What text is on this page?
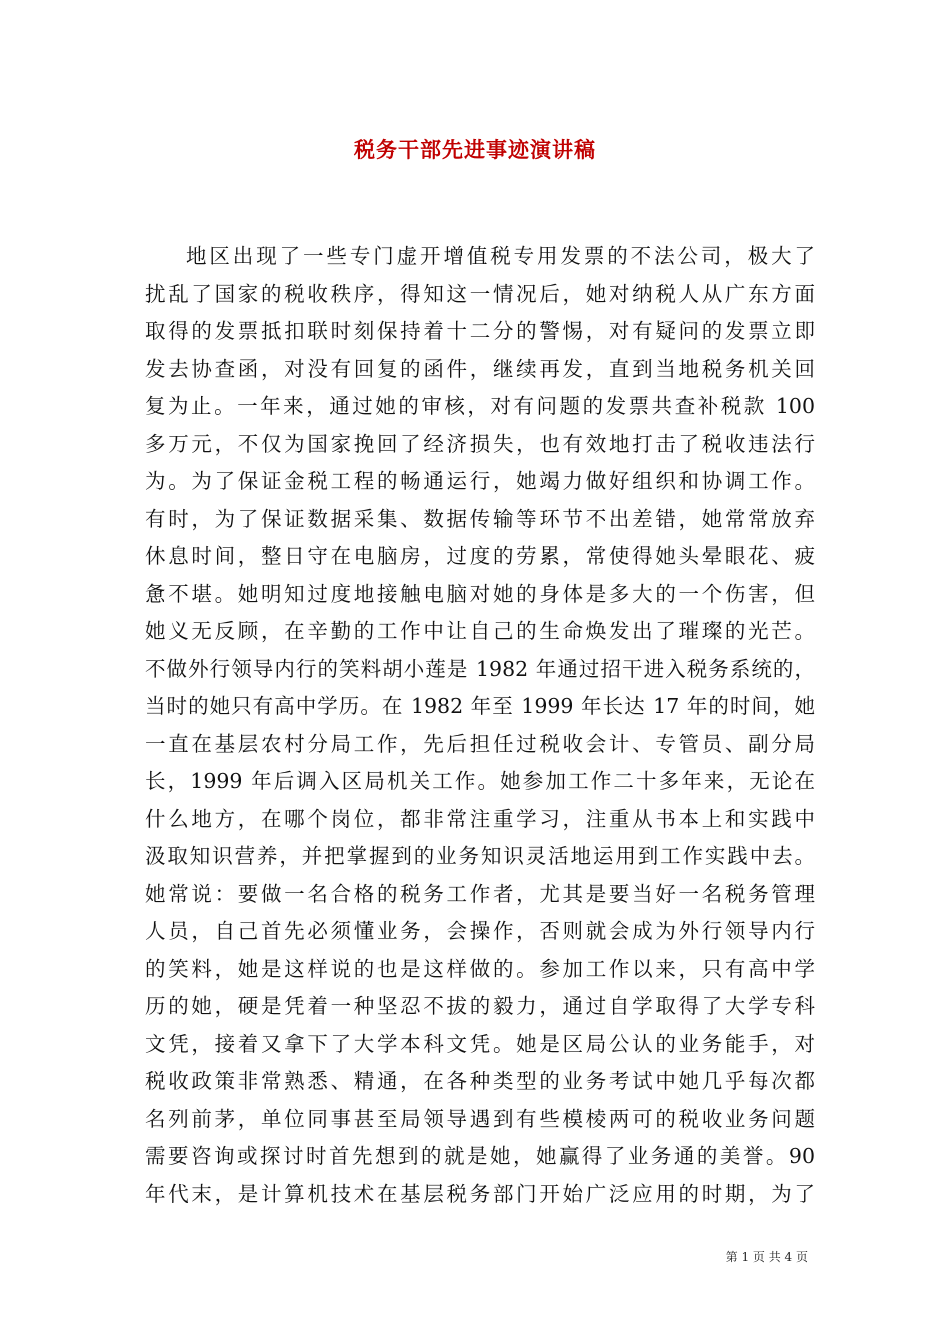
税务干部先进事迹演讲稿
地区出现了一些专门虚开增值税专用发票的不法公司，极大了
扰乱了国家的税收秩序，得知这一情况后，她对纳税人从广东方面
取得的发票抵扣联时刻保持着十二分的警惕，对有疑问的发票立即
发去协查函，对没有回复的函件，继续再发，直到当地税务机关回
复为止。一年来，通过她的审核，对有问题的发票共查补税款 100
多万元，不仅为国家挽回了经济损失，也有效地打击了税收违法行
为。为了保证金税工程的畅通运行，她竭力做好组织和协调工作。
有时，为了保证数据采集、数据传输等环节不出差错，她常常放弃
休息时间，整日守在电脑房，过度的劳累，常使得她头晕眼花、疲
惫不堪。她明知过度地接触电脑对她的身体是多大的一个伤害，但
她义无反顾，在辛勤的工作中让自己的生命焕发出了璀璨的光芒。
不做外行领导内行的笑料胡小莲是 1982 年通过招干进入税务系统的，
当时的她只有高中学历。在 1982 年至 1999 年长达 17 年的时间，她
一直在基层农村分局工作，先后担任过税收会计、专管员、副分局
长，1999 年后调入区局机关工作。她参加工作二十多年来，无论在
什么地方，在哪个岗位，都非常注重学习，注重从书本上和实践中
汲取知识营养，并把掌握到的业务知识灵活地运用到工作实践中去。
她常说：要做一名合格的税务工作者，尤其是要当好一名税务管理
人员，自己首先必须懂业务，会操作，否则就会成为外行领导内行
的笑料，她是这样说的也是这样做的。参加工作以来，只有高中学
历的她，硬是凭着一种坚忍不拔的毅力，通过自学取得了大学专科
文凭，接着又拿下了大学本科文凭。她是区局公认的业务能手，对
税收政策非常熟悉、精通，在各种类型的业务考试中她几乎每次都
名列前茅，单位同事甚至局领导遇到有些模棱两可的税收业务问题
需要咨询或探讨时首先想到的就是她，她赢得了业务通的美誉。90
年代末，是计算机技术在基层税务部门开始广泛应用的时期，为了
第 1 页 共 4 页
